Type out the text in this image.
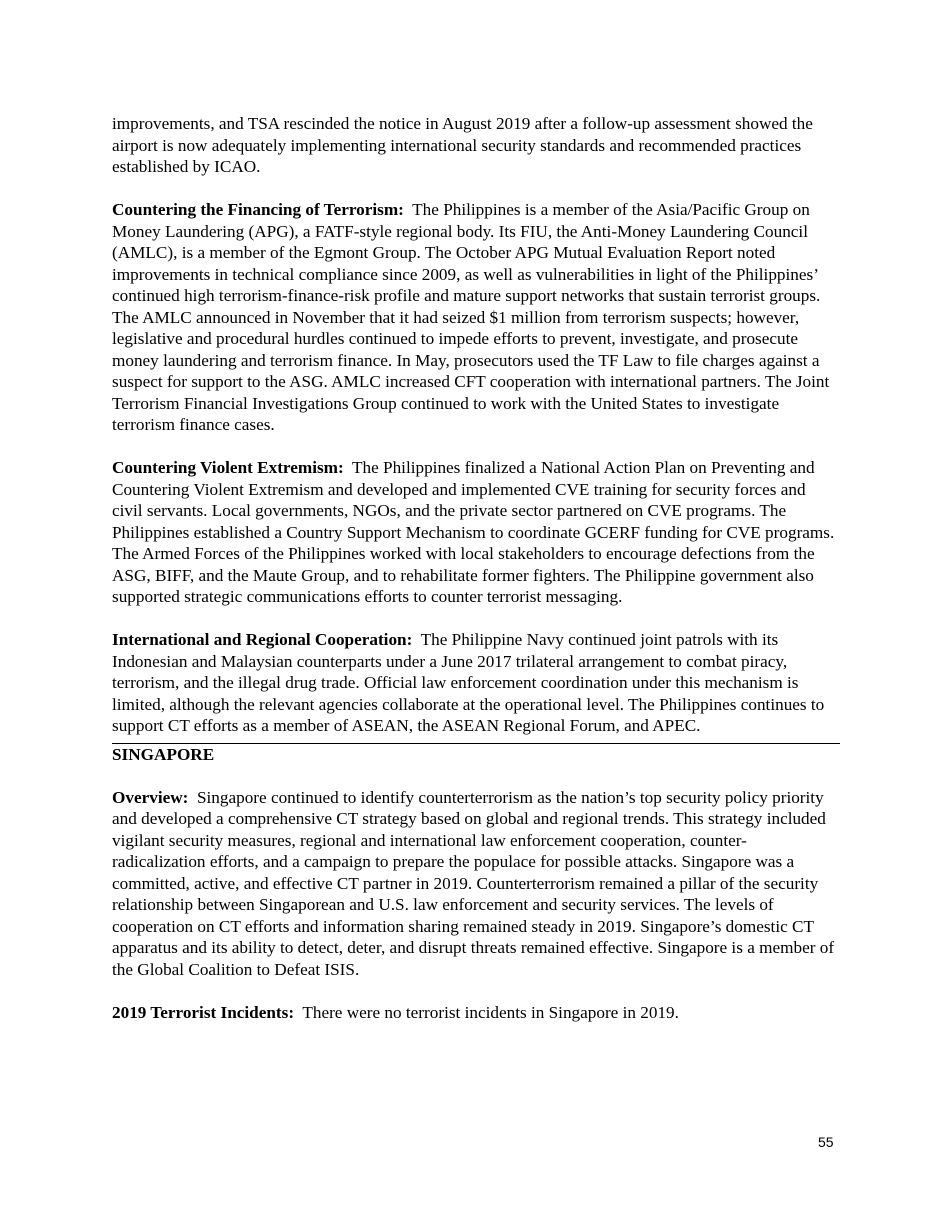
improvements, and TSA rescinded the notice in August 2019 after a follow-up assessment showed the airport is now adequately implementing international security standards and recommended practices established by ICAO.

Countering the Financing of Terrorism: The Philippines is a member of the Asia/Pacific Group on Money Laundering (APG), a FATF-style regional body. Its FIU, the Anti-Money Laundering Council (AMLC), is a member of the Egmont Group. The October APG Mutual Evaluation Report noted improvements in technical compliance since 2009, as well as vulnerabilities in light of the Philippines’ continued high terrorism-finance-risk profile and mature support networks that sustain terrorist groups. The AMLC announced in November that it had seized $1 million from terrorism suspects; however, legislative and procedural hurdles continued to impede efforts to prevent, investigate, and prosecute money laundering and terrorism finance. In May, prosecutors used the TF Law to file charges against a suspect for support to the ASG. AMLC increased CFT cooperation with international partners. The Joint Terrorism Financial Investigations Group continued to work with the United States to investigate terrorism finance cases.

Countering Violent Extremism: The Philippines finalized a National Action Plan on Preventing and Countering Violent Extremism and developed and implemented CVE training for security forces and civil servants. Local governments, NGOs, and the private sector partnered on CVE programs. The Philippines established a Country Support Mechanism to coordinate GCERF funding for CVE programs. The Armed Forces of the Philippines worked with local stakeholders to encourage defections from the ASG, BIFF, and the Maute Group, and to rehabilitate former fighters. The Philippine government also supported strategic communications efforts to counter terrorist messaging.

International and Regional Cooperation: The Philippine Navy continued joint patrols with its Indonesian and Malaysian counterparts under a June 2017 trilateral arrangement to combat piracy, terrorism, and the illegal drug trade. Official law enforcement coordination under this mechanism is limited, although the relevant agencies collaborate at the operational level. The Philippines continues to support CT efforts as a member of ASEAN, the ASEAN Regional Forum, and APEC.

SINGAPORE

Overview: Singapore continued to identify counterterrorism as the nation’s top security policy priority and developed a comprehensive CT strategy based on global and regional trends. This strategy included vigilant security measures, regional and international law enforcement cooperation, counter-radicalization efforts, and a campaign to prepare the populace for possible attacks. Singapore was a committed, active, and effective CT partner in 2019. Counterterrorism remained a pillar of the security relationship between Singaporean and U.S. law enforcement and security services. The levels of cooperation on CT efforts and information sharing remained steady in 2019. Singapore’s domestic CT apparatus and its ability to detect, deter, and disrupt threats remained effective. Singapore is a member of the Global Coalition to Defeat ISIS.

2019 Terrorist Incidents: There were no terrorist incidents in Singapore in 2019.

55
